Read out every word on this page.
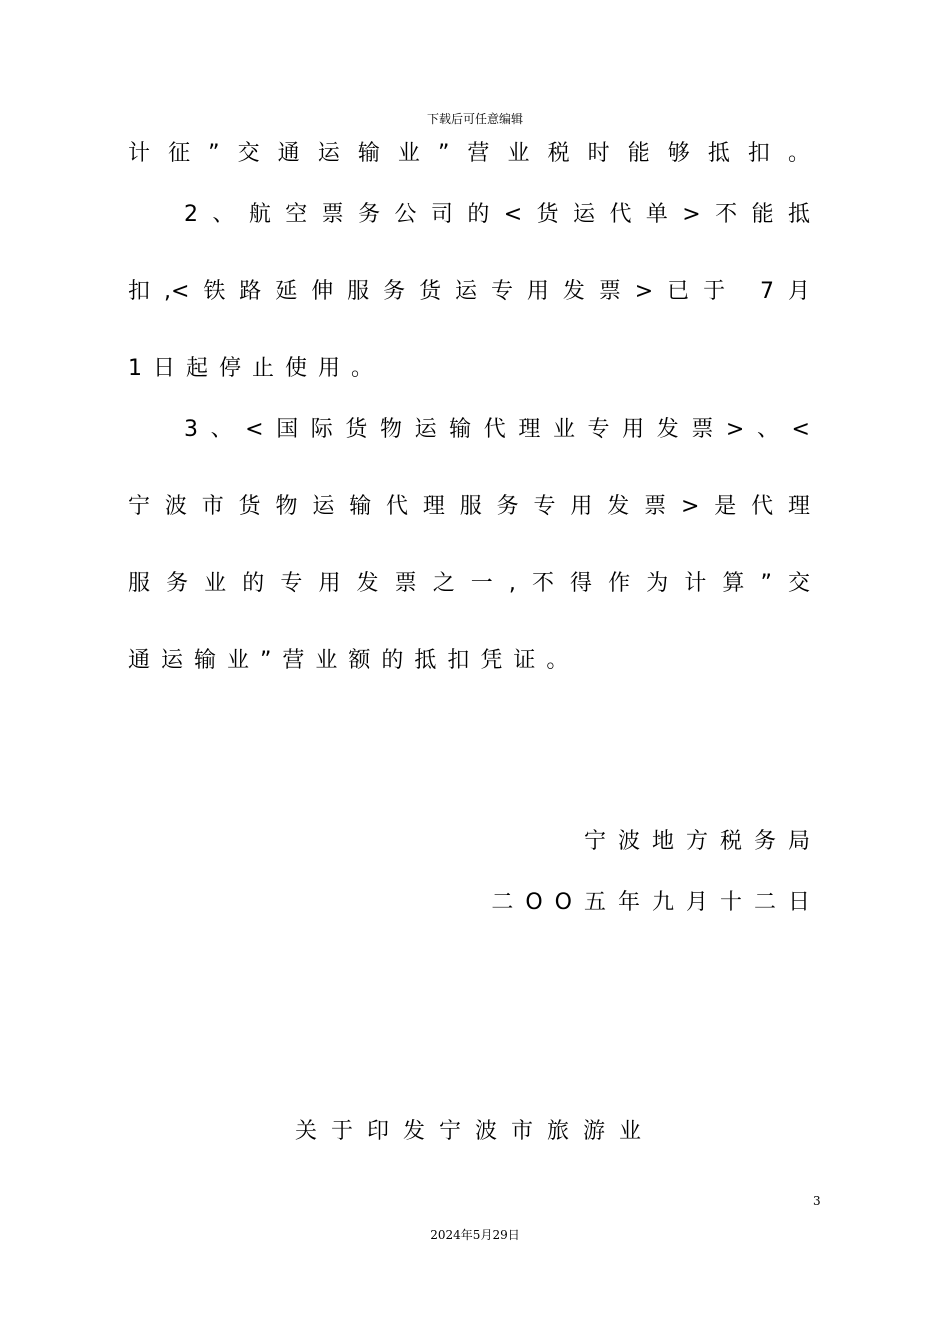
下载后可任意编辑
计征”交通运输业”营业税时能够抵扣。
2、航空票务公司的<货运代单>不能抵
扣,<铁路延伸服务货运专用发票>已于 7月
1日起停止使用。
3、<国际货物运输代理业专用发票>、<
宁波市货物运输代理服务专用发票>是代理
服务业的专用发票之一,不得作为计算”交
通运输业”营业额的抵扣凭证。
宁波地方税务局
二OO五年九月十二日
关于印发宁波市旅游业
3
2024年5月29日
